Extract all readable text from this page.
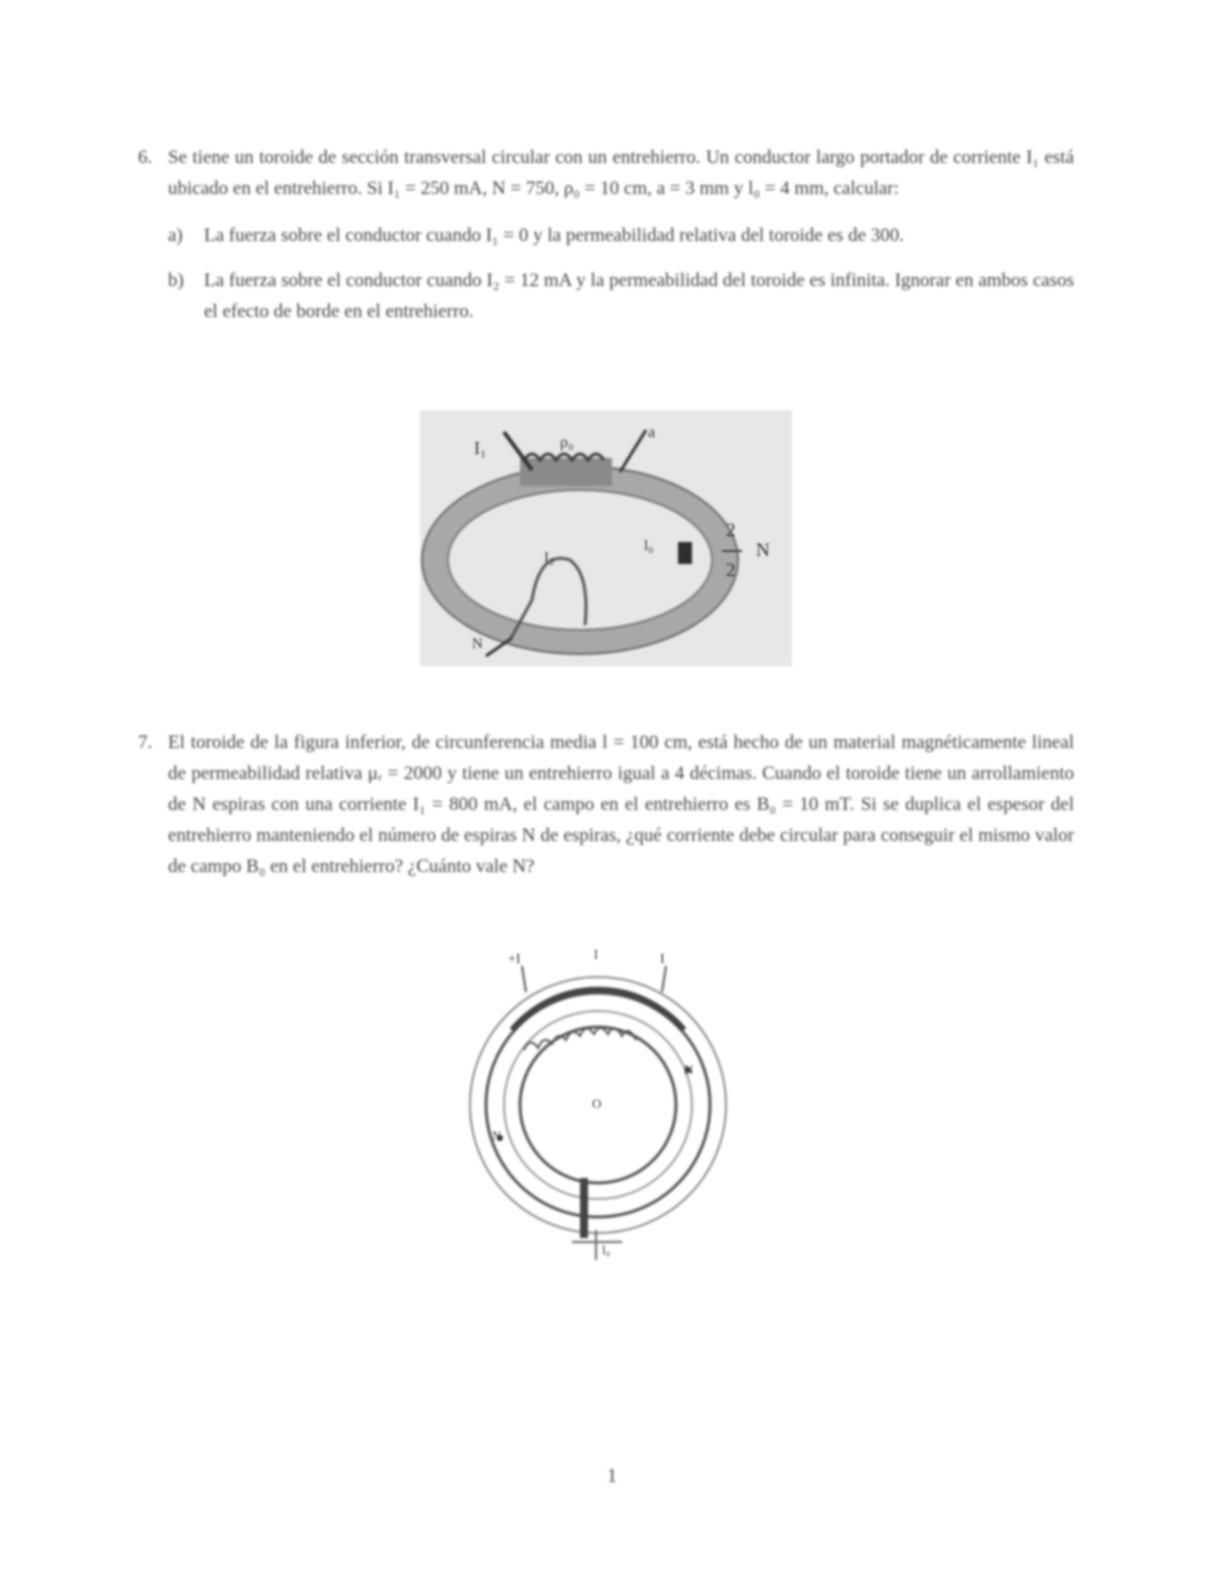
6. Se tiene un toroide de sección transversal circular con un entrehierro. Un conductor largo portador de corriente I₁ está ubicado en el entrehierro. Si I₁ = 250 mA, N = 750, ρ₀ = 10 cm, a = 3 mm y l₀ = 4 mm, calcular:
a) La fuerza sobre el conductor cuando I₁ = 0 y la permeabilidad relativa del toroide es de 300.
b) La fuerza sobre el conductor cuando I₂ = 12 mA y la permeabilidad del toroide es infinita. Ignorar en ambos casos el efecto de borde en el entrehierro.
I₁	ρ₀
a
l₀
I₂
N
2
2
N
7. El toroide de la figura inferior, de circunferencia media l = 100 cm, está hecho de un material magnéticamente lineal de permeabilidad relativa μᵣ = 2000 y tiene un entrehierro igual a 4 décimas. Cuando el toroide tiene un arrollamiento de N espiras con una corriente I₁ = 800 mA, el campo en el entrehierro es B₀ = 10 mT. Si se duplica el espesor del entrehierro manteniendo el número de espiras N de espiras, ¿qué corriente debe circular para conseguir el mismo valor de campo B₀ en el entrehierro? ¿Cuánto vale N?
+I	l	I
O
N
N
l₀
1
